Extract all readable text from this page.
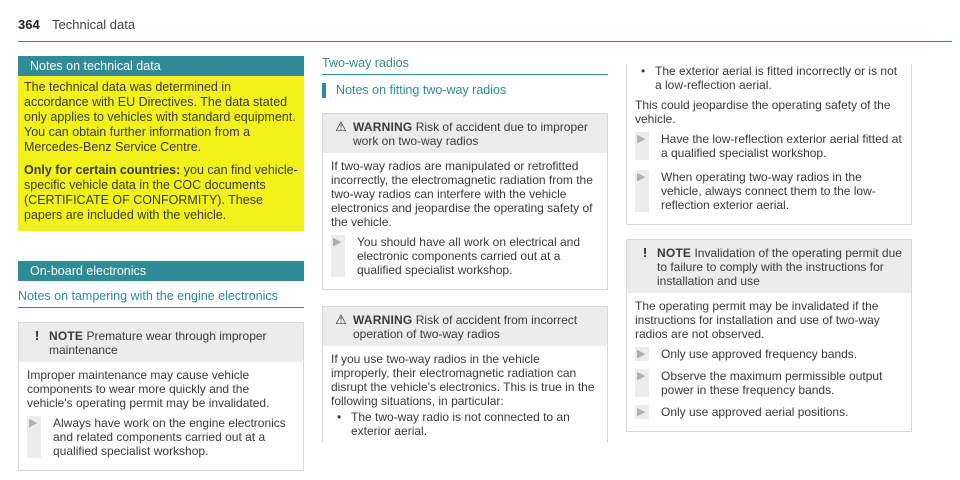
364 Technical data
Notes on technical data

The technical data was determined in accordance with EU Directives. The data stated only applies to vehicles with standard equipment. You can obtain further information from a Mercedes-Benz Service Centre.

Only for certain countries: you can find vehicle-specific vehicle data in the COC documents (CERTIFICATE OF CONFORMITY). These papers are included with the vehicle.

On-board electronics
Notes on tampering with the engine electronics
! NOTE Premature wear through improper maintenance

Improper maintenance may cause vehicle components to wear more quickly and the vehicle's operating permit may be invalidated.

▶ Always have work on the engine electronics and related components carried out at a qualified specialist workshop.
Two-way radios
Notes on fitting two-way radios
⚠ WARNING Risk of accident due to improper work on two-way radios

If two-way radios are manipulated or retrofitted incorrectly, the electromagnetic radiation from the two-way radios can interfere with the vehicle electronics and jeopardise the operating safety of the vehicle.

▶ You should have all work on electrical and electronic components carried out at a qualified specialist workshop.
⚠ WARNING Risk of accident from incorrect operation of two-way radios

If you use two-way radios in the vehicle improperly, their electromagnetic radiation can disrupt the vehicle's electronics. This is true in the following situations, in particular:

• The two-way radio is not connected to an exterior aerial.
• The exterior aerial is fitted incorrectly or is not a low-reflection aerial.

This could jeopardise the operating safety of the vehicle.

▶ Have the low-reflection exterior aerial fitted at a qualified specialist workshop.
▶ When operating two-way radios in the vehicle, always connect them to the low-reflection exterior aerial.
! NOTE Invalidation of the operating permit due to failure to comply with the instructions for installation and use

The operating permit may be invalidated if the instructions for installation and use of two-way radios are not observed.

▶ Only use approved frequency bands.
▶ Observe the maximum permissible output power in these frequency bands.
▶ Only use approved aerial positions.
